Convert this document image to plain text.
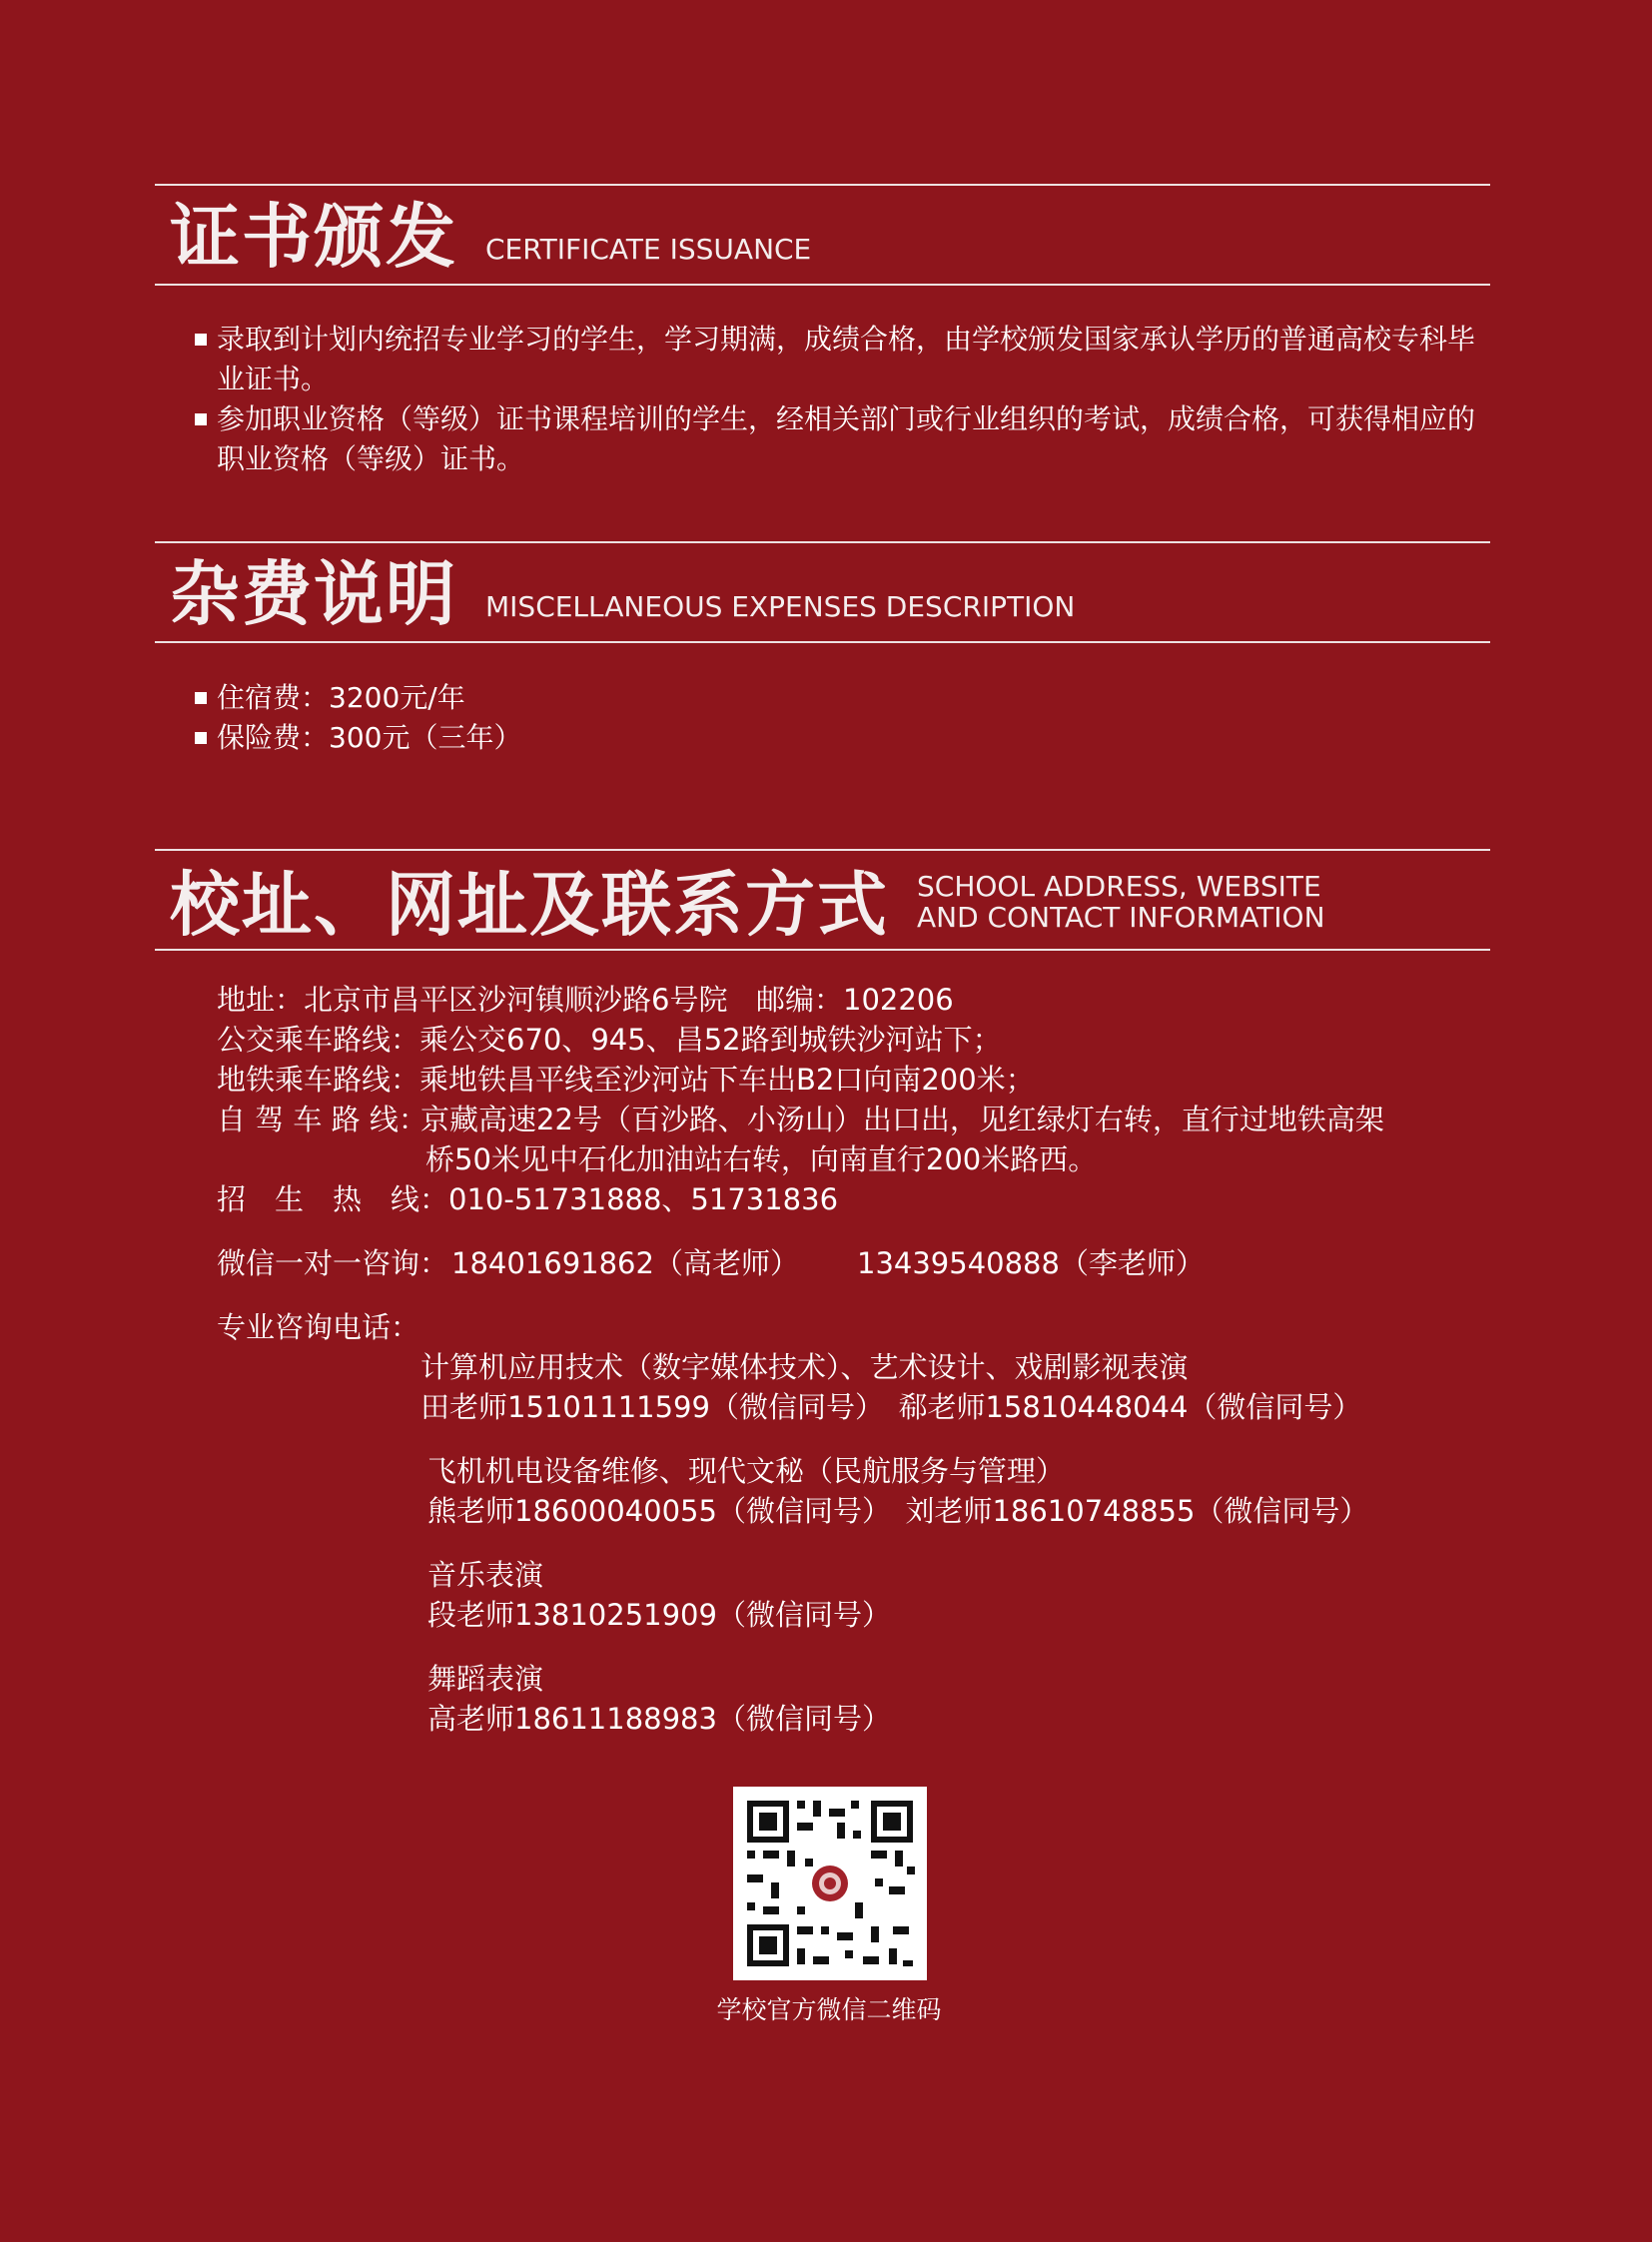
证书颁发 CERTIFICATE ISSUANCE
录取到计划内统招专业学习的学生，学习期满，成绩合格，由学校颁发国家承认学历的普通高校专科毕业证书。
参加职业资格（等级）证书课程培训的学生，经相关部门或行业组织的考试，成绩合格，可获得相应的职业资格（等级）证书。
杂费说明 MISCELLANEOUS EXPENSES DESCRIPTION
住宿费：3200元/年
保险费：300元（三年）
校址、网址及联系方式 SCHOOL ADDRESS, WEBSITE
AND CONTACT INFORMATION
地址：北京市昌平区沙河镇顺沙路6号院 邮编：102206
公交乘车路线：乘公交670、945、昌52路到城铁沙河站下；
地铁乘车路线：乘地铁昌平线至沙河站下车出B2口向南200米；
自 驾 车 路 线：
京藏高速22号（百沙路、小汤山）出口出，见红绿灯右转，直行过地铁高架
桥50米见中石化加油站右转，向南直行200米路西。
招　生　热　线：010-51731888、51731836
微信一对一咨询： 18401691862（高老师） 13439540888（李老师）
专业咨询电话：
计算机应用技术（数字媒体技术）、艺术设计、戏剧影视表演
田老师15101111599（微信同号）　郗老师15810448044（微信同号）
飞机机电设备维修、现代文秘（民航服务与管理）
熊老师18600040055（微信同号）　刘老师18610748855（微信同号）
音乐表演
段老师13810251909（微信同号）
舞蹈表演
高老师18611188983（微信同号）
学校官方微信二维码
